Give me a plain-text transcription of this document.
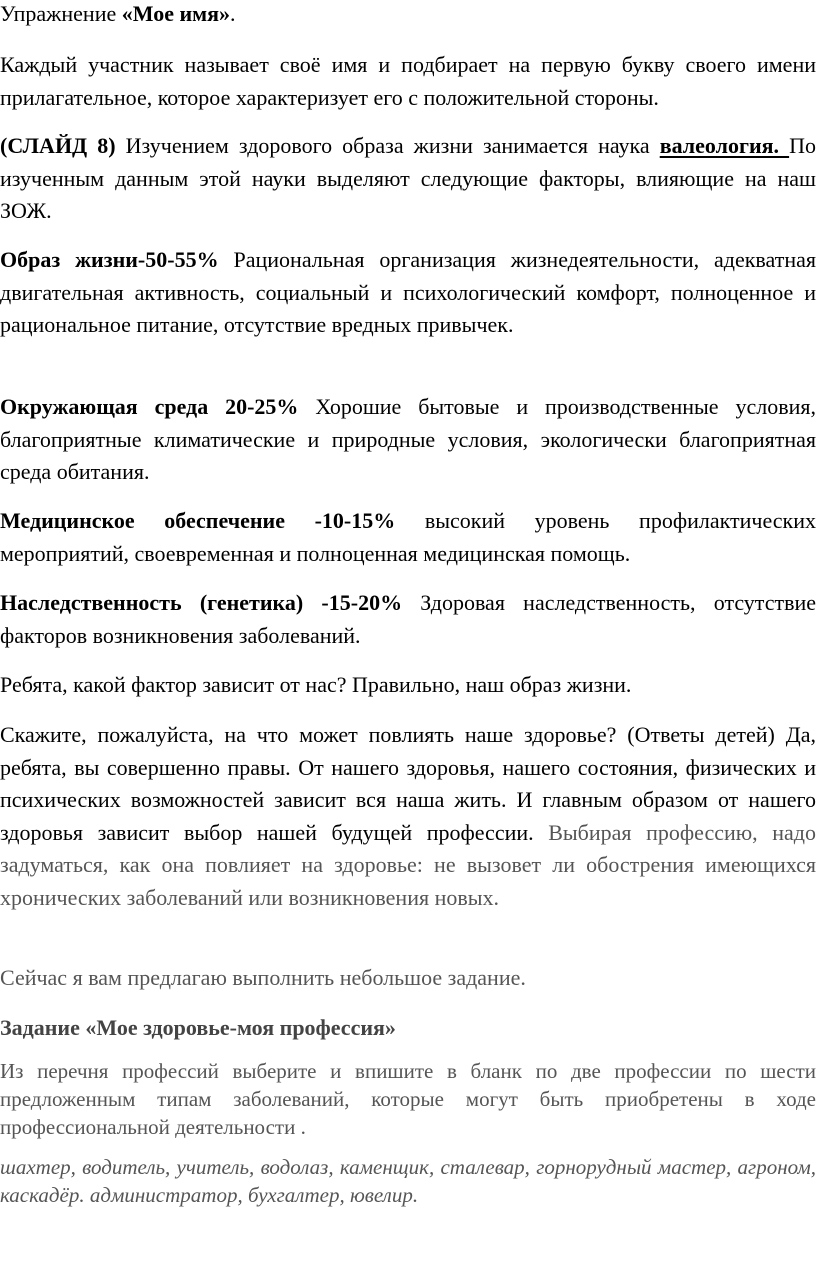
Упражнение «Мое имя».

Каждый участник называет своё имя и подбирает на первую букву своего имени прилагательное, которое характеризует его с положительной стороны.

(СЛАЙД 8) Изучением здорового образа жизни занимается наука валеология. По изученным данным этой науки выделяют следующие факторы, влияющие на наш ЗОЖ.

Образ жизни-50-55% Рациональная организация жизнедеятельности, адекватная двигательная активность, социальный и психологический комфорт, полноценное и рациональное питание, отсутствие вредных привычек.

Окружающая среда 20-25% Хорошие бытовые и производственные условия, благоприятные климатические и природные условия, экологически благоприятная среда обитания.

Медицинское обеспечение -10-15% высокий уровень профилактических мероприятий, своевременная и полноценная медицинская помощь.

Наследственность (генетика) -15-20% Здоровая наследственность, отсутствие факторов возникновения заболеваний.

Ребята, какой фактор зависит от нас? Правильно, наш образ жизни.

Скажите, пожалуйста, на что может повлиять наше здоровье? (Ответы детей) Да, ребята, вы совершенно правы. От нашего здоровья, нашего состояния, физических и психических возможностей зависит вся наша жить. И главным образом от нашего здоровья зависит выбор нашей будущей профессии. Выбирая профессию, надо задуматься, как она повлияет на здоровье: не вызовет ли обострения имеющихся хронических заболеваний или возникновения новых.

Сейчас я вам предлагаю выполнить небольшое задание.

Задание «Мое здоровье-моя профессия»

Из перечня профессий выберите и впишите в бланк по две профессии по шести предложенным типам заболеваний, которые могут быть приобретены в ходе профессиональной деятельности .

шахтер, водитель, учитель, водолаз, каменщик, сталевар, горнорудный мастер, агроном, каскадёр. администратор, бухгалтер, ювелир.
